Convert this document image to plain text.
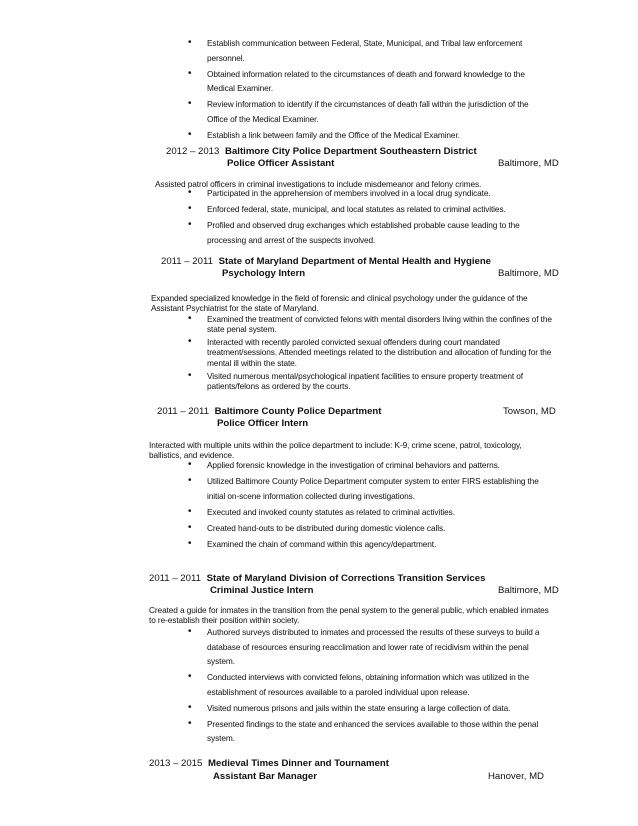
• Establish communication between Federal, State, Municipal, and Tribal law enforcement personnel.
• Obtained information related to the circumstances of death and forward knowledge to the Medical Examiner.
• Review information to identify if the circumstances of death fall within the jurisdiction of the Office of the Medical Examiner.
• Establish a link between family and the Office of the Medical Examiner.
2012 – 2013 Baltimore City Police Department Southeastern District
Police Officer Assistant	Baltimore, MD
Assisted patrol officers in criminal investigations to include misdemeanor and felony crimes.
• Participated in the apprehension of members involved in a local drug syndicate.
• Enforced federal, state, municipal, and local statutes as related to criminal activities.
• Profiled and observed drug exchanges which established probable cause leading to the processing and arrest of the suspects involved.
2011 – 2011 State of Maryland Department of Mental Health and Hygiene
Psychology Intern	Baltimore, MD
Expanded specialized knowledge in the field of forensic and clinical psychology under the guidance of the Assistant Psychiatrist for the state of Maryland.
• Examined the treatment of convicted felons with mental disorders living within the confines of the state penal system.
• Interacted with recently paroled convicted sexual offenders during court mandated treatment/sessions. Attended meetings related to the distribution and allocation of funding for the mental ill within the state.
• Visited numerous mental/psychological inpatient facilities to ensure property treatment of patients/felons as ordered by the courts.
2011 – 2011 Baltimore County Police Department	Towson, MD
Police Officer Intern
Interacted with multiple units within the police department to include: K-9, crime scene, patrol, toxicology, ballistics, and evidence.
• Applied forensic knowledge in the investigation of criminal behaviors and patterns.
• Utilized Baltimore County Police Department computer system to enter FIRS establishing the initial on-scene information collected during investigations.
• Executed and invoked county statutes as related to criminal activities.
• Created hand-outs to be distributed during domestic violence calls.
• Examined the chain of command within this agency/department.
2011 – 2011 State of Maryland Division of Corrections Transition Services
Criminal Justice Intern	Baltimore, MD
Created a guide for inmates in the transition from the penal system to the general public, which enabled inmates to re-establish their position within society.
• Authored surveys distributed to inmates and processed the results of these surveys to build a database of resources ensuring reacclimation and lower rate of recidivism within the penal system.
• Conducted interviews with convicted felons, obtaining information which was utilized in the establishment of resources available to a paroled individual upon release.
• Visited numerous prisons and jails within the state ensuring a large collection of data.
• Presented findings to the state and enhanced the services available to those within the penal system.
2013 – 2015 Medieval Times Dinner and Tournament
Assistant Bar Manager	Hanover, MD
